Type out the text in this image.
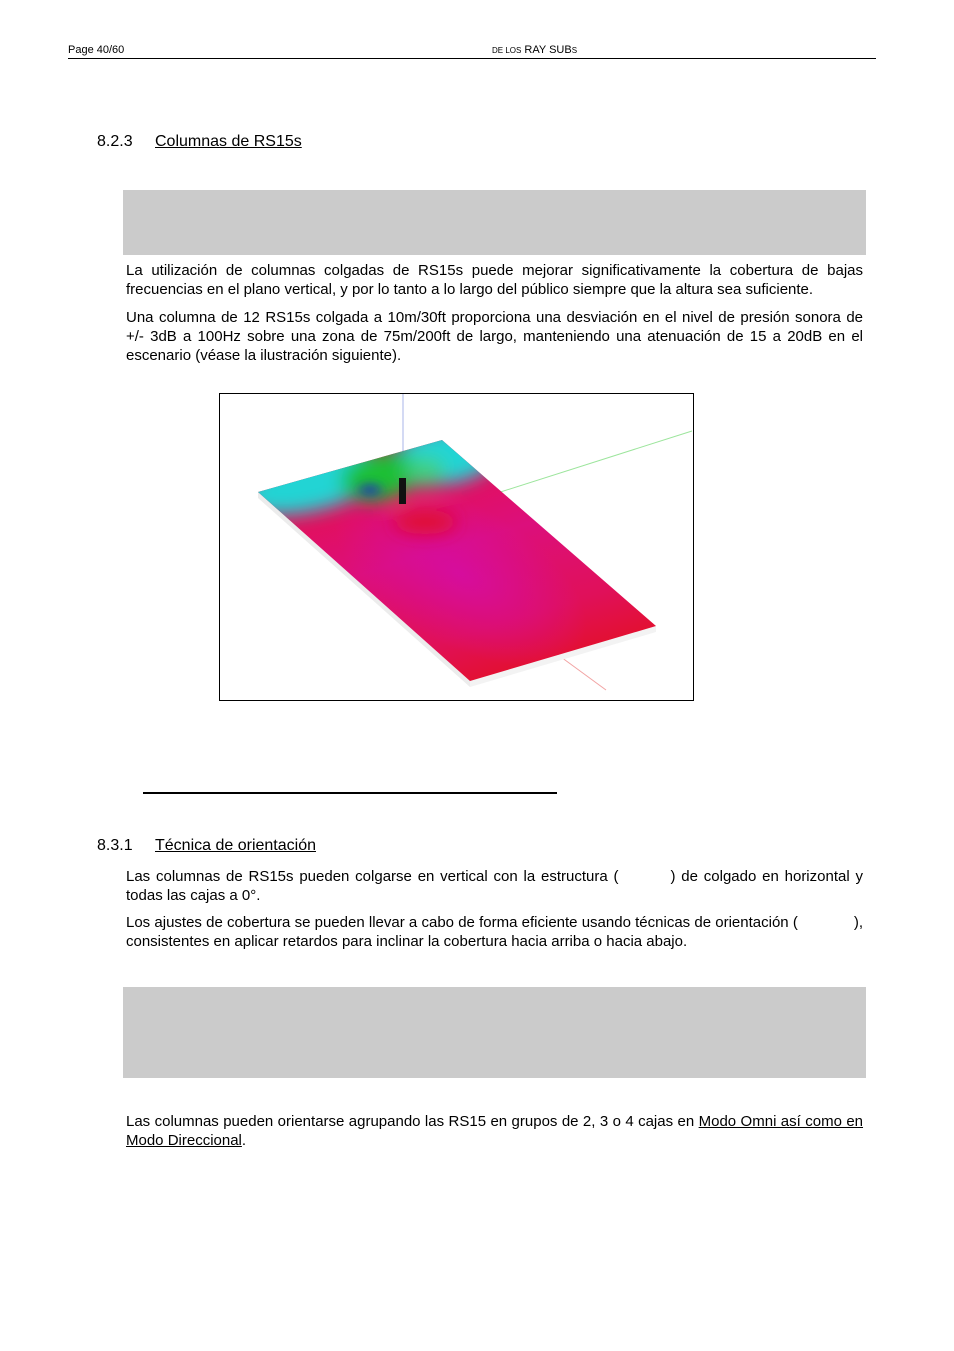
Page 40/60	DE LOS RAY SUBS
8.2.3 Columnas de RS15s

La utilización de columnas colgadas de RS15s puede mejorar significativamente la cobertura de bajas frecuencias en el plano vertical, y por lo tanto a lo largo del público siempre que la altura sea suficiente.

Una columna de 12 RS15s colgada a 10m/30ft proporciona una desviación en el nivel de presión sonora de +/- 3dB a 100Hz sobre una zona de 75m/200ft de largo, manteniendo una atenuación de 15 a 20dB en el escenario (véase la ilustración siguiente).

8.3.1 Técnica de orientación

Las columnas de RS15s pueden colgarse en vertical con la estructura (	) de colgado en horizontal y todas las cajas a 0°.

Los ajustes de cobertura se pueden llevar a cabo de forma eficiente usando técnicas de orientación (	), consistentes en aplicar retardos para inclinar la cobertura hacia arriba o hacia abajo.

Las columnas pueden orientarse agrupando las RS15 en grupos de 2, 3 o 4 cajas en Modo Omni así como en Modo Direccional.
